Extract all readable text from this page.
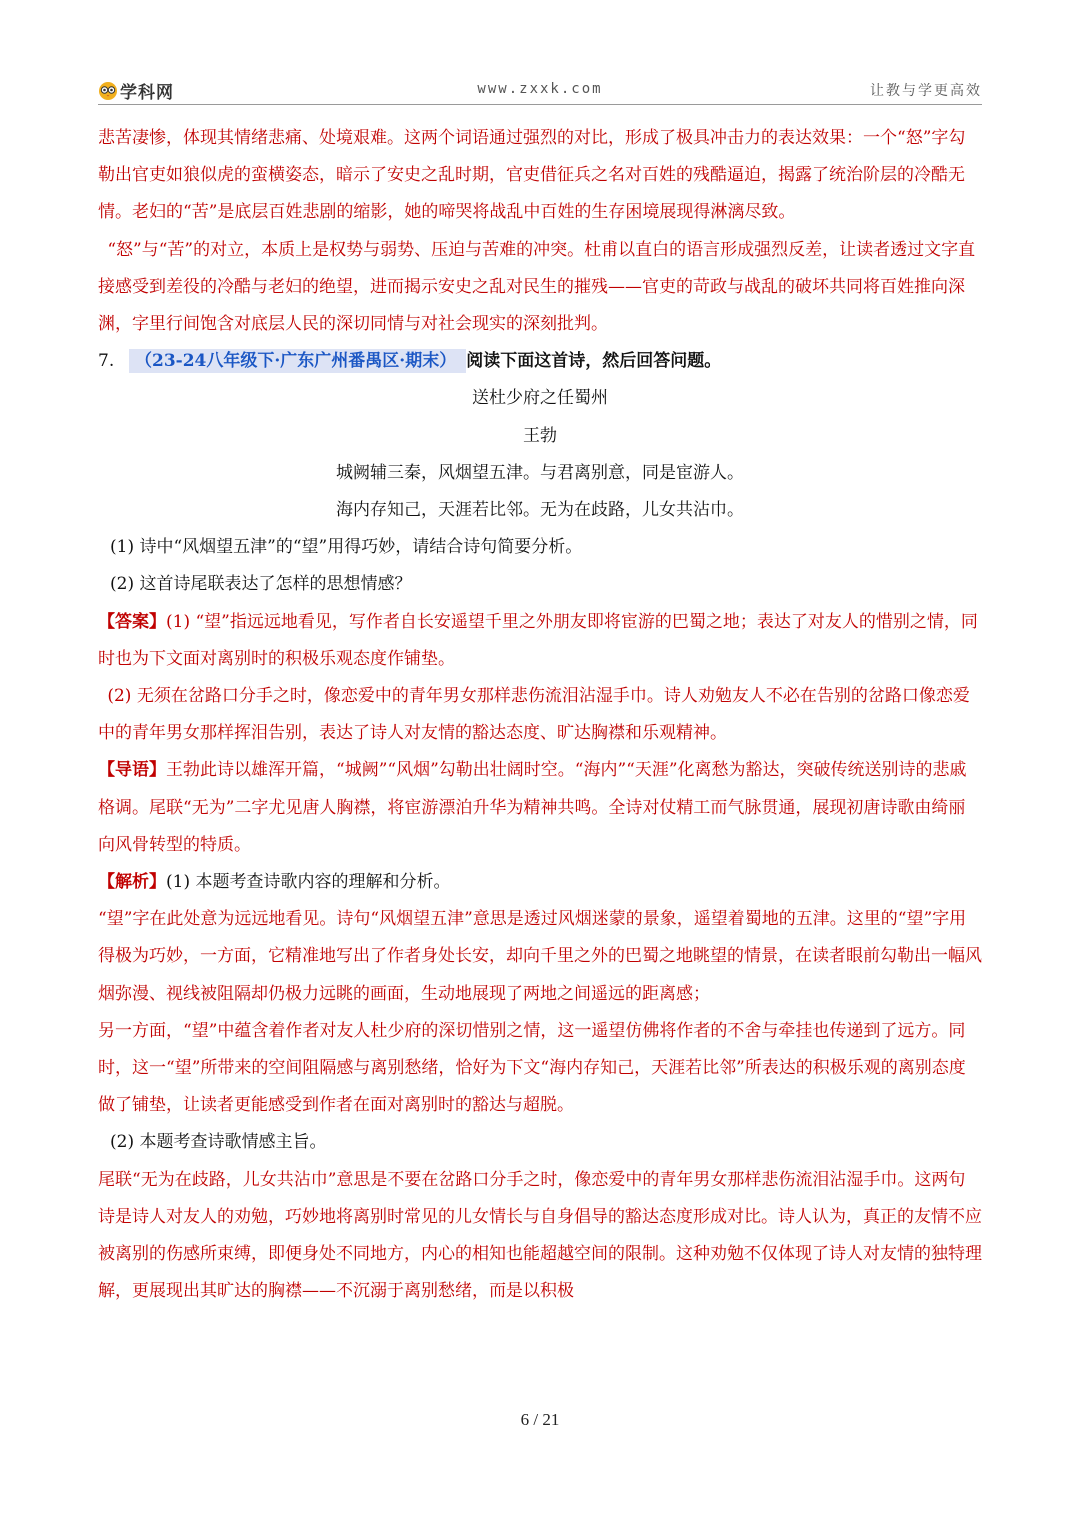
学科网	www.zxxk.com	让教与学更高效

悲苦凄惨，体现其情绪悲痛、处境艰难。这两个词语通过强烈的对比，形成了极具冲击力的表达效果：一个“怒”字勾勒出官吏如狼似虎的蛮横姿态，暗示了安史之乱时期，官吏借征兵之名对百姓的残酷逼迫，揭露了统治阶层的冷酷无情。老妇的“苦”是底层百姓悲剧的缩影，她的啼哭将战乱中百姓的生存困境展现得淋漓尽致。

“怒”与“苦”的对立，本质上是权势与弱势、压迫与苦难的冲突。杜甫以直白的语言形成强烈反差，让读者透过文字直接感受到差役的冷酷与老妇的绝望，进而揭示安史之乱对民生的摧残——官吏的苛政与战乱的破坏共同将百姓推向深渊，字里行间饱含对底层人民的深切同情与对社会现实的深刻批判。

7. （23-24八年级下·广东广州番禺区·期末） 阅读下面这首诗，然后回答问题。

送杜少府之任蜀州

王勃

城阙辅三秦，风烟望五津。与君离别意，同是宦游人。

海内存知己，天涯若比邻。无为在歧路，儿女共沾巾。

(1) 诗中“风烟望五津”的“望”用得巧妙，请结合诗句简要分析。

(2) 这首诗尾联表达了怎样的思想情感？

【答案】(1) “望”指远远地看见，写作者自长安遥望千里之外朋友即将宦游的巴蜀之地；表达了对友人的惜别之情，同时也为下文面对离别时的积极乐观态度作铺垫。

(2) 无须在岔路口分手之时，像恋爱中的青年男女那样悲伤流泪沾湿手巾。诗人劝勉友人不必在告别的岔路口像恋爱中的青年男女那样挥泪告别，表达了诗人对友情的豁达态度、旷达胸襟和乐观精神。

【导语】王勃此诗以雄浑开篇，“城阙”“风烟”勾勒出壮阔时空。“海内”“天涯”化离愁为豁达，突破传统送别诗的悲戚格调。尾联“无为”二字尤见唐人胸襟，将宦游漂泊升华为精神共鸣。全诗对仗精工而气脉贯通，展现初唐诗歌由绮丽向风骨转型的特质。

【解析】(1) 本题考查诗歌内容的理解和分析。

“望”字在此处意为远远地看见。诗句“风烟望五津”意思是透过风烟迷蒙的景象，遥望着蜀地的五津。这里的“望”字用得极为巧妙，一方面，它精准地写出了作者身处长安，却向千里之外的巴蜀之地眺望的情景，在读者眼前勾勒出一幅风烟弥漫、视线被阻隔却仍极力远眺的画面，生动地展现了两地之间遥远的距离感；

另一方面，“望”中蕴含着作者对友人杜少府的深切惜别之情，这一遥望仿佛将作者的不舍与牵挂也传递到了远方。同时，这一“望”所带来的空间阻隔感与离别愁绪，恰好为下文“海内存知己，天涯若比邻”所表达的积极乐观的离别态度做了铺垫，让读者更能感受到作者在面对离别时的豁达与超脱。

(2) 本题考查诗歌情感主旨。

尾联“无为在歧路，儿女共沾巾”意思是不要在岔路口分手之时，像恋爱中的青年男女那样悲伤流泪沾湿手巾。这两句诗是诗人对友人的劝勉，巧妙地将离别时常见的儿女情长与自身倡导的豁达态度形成对比。诗人认为，真正的友情不应被离别的伤感所束缚，即便身处不同地方，内心的相知也能超越空间的限制。这种劝勉不仅体现了诗人对友情的独特理解，更展现出其旷达的胸襟——不沉溺于离别愁绪，而是以积极

6 / 21
